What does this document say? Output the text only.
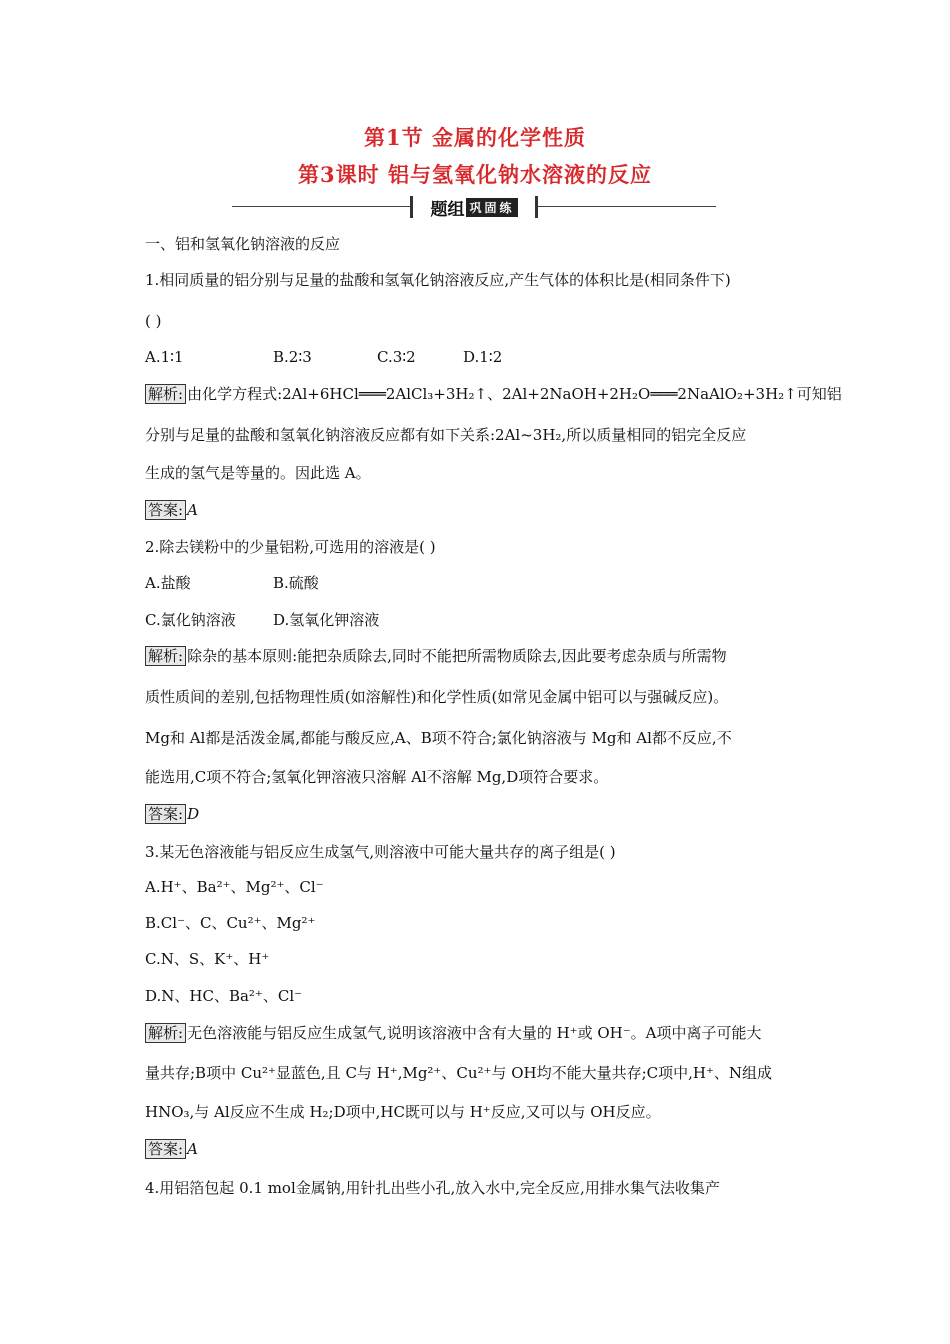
第1节 金属的化学性质
第3课时 铝与氢氧化钠水溶液的反应
题组 巩固练
一、铝和氢氧化钠溶液的反应
1.相同质量的铝分别与足量的盐酸和氢氧化钠溶液反应,产生气体的体积比是(相同条件下)
( )
A.1∶1	B.2∶3	C.3∶2	D.1∶2
解析: 由化学方程式:2Al+6HCl═══2AlCl₃+3H₂↑、2Al+2NaOH+2H₂O═══2NaAlO₂+3H₂↑可知铝
分别与足量的盐酸和氢氧化钠溶液反应都有如下关系:2Al~3H₂,所以质量相同的铝完全反应
生成的氢气是等量的。因此选 A。
答案: A
2.除去镁粉中的少量铝粉,可选用的溶液是( )
A.盐酸	B.硫酸
C.氯化钠溶液 D.氢氧化钾溶液
解析: 除杂的基本原则:能把杂质除去,同时不能把所需物质除去,因此要考虑杂质与所需物
质性质间的差别,包括物理性质(如溶解性)和化学性质(如常见金属中铝可以与强碱反应)。
Mg和 Al都是活泼金属,都能与酸反应,A、B项不符合;氯化钠溶液与 Mg和 Al都不反应,不
能选用,C项不符合;氢氧化钾溶液只溶解 Al不溶解 Mg,D项符合要求。
答案: D
3.某无色溶液能与铝反应生成氢气,则溶液中可能大量共存的离子组是( )
A.H⁺、Ba²⁺、Mg²⁺、Cl⁻
B.Cl⁻、C、Cu²⁺、Mg²⁺
C.N、S、K⁺、H⁺
D.N、HC、Ba²⁺、Cl⁻
解析: 无色溶液能与铝反应生成氢气,说明该溶液中含有大量的 H⁺或 OH⁻。A项中离子可能大
量共存;B项中 Cu²⁺显蓝色,且 C与 H⁺,Mg²⁺、Cu²⁺与 OH均不能大量共存;C项中,H⁺、N组成
HNO₃,与 Al反应不生成 H₂;D项中,HC既可以与 H⁺反应,又可以与 OH反应。
答案: A
4.用铝箔包起 0.1 mol金属钠,用针扎出些小孔,放入水中,完全反应,用排水集气法收集产
